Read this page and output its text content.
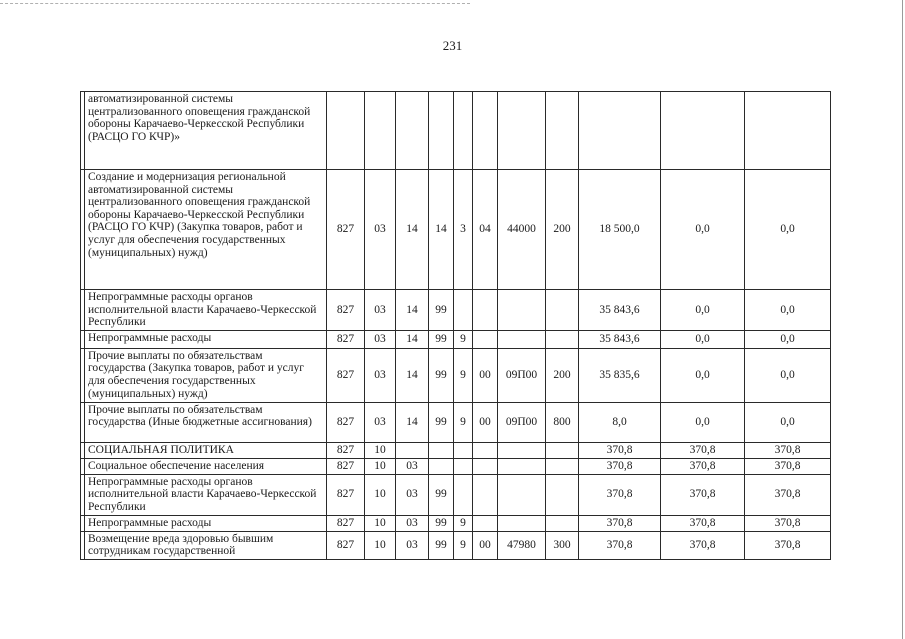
231
	автоматизированной системы централизованного оповещения гражданской обороны Карачаево-Черкесской Республики (РАСЦО ГО КЧР)»											
	Создание и модернизация региональной автоматизированной системы централизованного оповещения гражданской обороны Карачаево-Черкесской Республики (РАСЦО ГО КЧР) (Закупка товаров, работ и услуг для обеспечения государственных (муниципальных) нужд)	827	03	14	14	3	04	44000	200	18 500,0	0,0	0,0
	Непрограммные расходы органов исполнительной власти Карачаево-Черкесской Республики	827	03	14	99					35 843,6	0,0	0,0
	Непрограммные расходы	827	03	14	99	9				35 843,6	0,0	0,0
	Прочие выплаты по обязательствам государства (Закупка товаров, работ и услуг для обеспечения государственных (муниципальных) нужд)	827	03	14	99	9	00	09П00	200	35 835,6	0,0	0,0
	Прочие выплаты по обязательствам государства (Иные бюджетные ассигнования)	827	03	14	99	9	00	09П00	800	8,0	0,0	0,0
	СОЦИАЛЬНАЯ ПОЛИТИКА	827	10							370,8	370,8	370,8
	Социальное обеспечение населения	827	10	03						370,8	370,8	370,8
	Непрограммные расходы органов исполнительной власти Карачаево-Черкесской Республики	827	10	03	99					370,8	370,8	370,8
	Непрограммные расходы	827	10	03	99	9				370,8	370,8	370,8
	Возмещение вреда здоровью бывшим сотрудникам государственной	827	10	03	99	9	00	47980	300	370,8	370,8	370,8
